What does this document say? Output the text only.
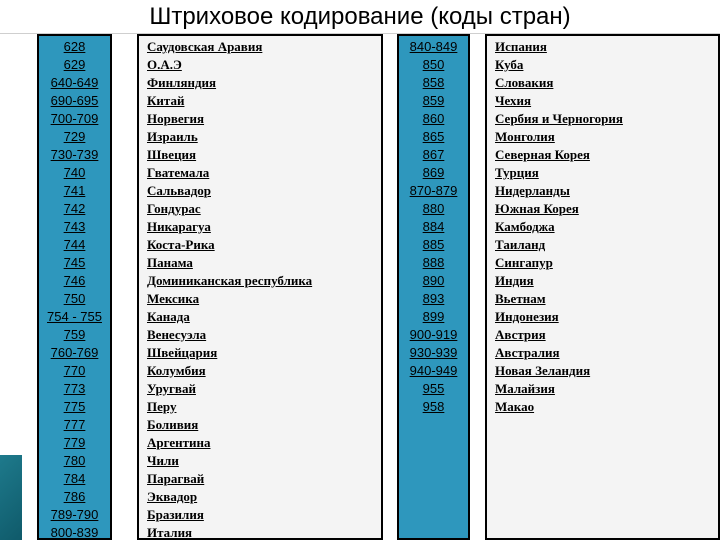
Штриховое кодирование (коды стран)
628
629
640-649
690-695
700-709
729
730-739
740
741
742
743
744
745
746
750
754 - 755
759
760-769
770
773
775
777
779
780
784
786
789-790
800-839
Саудовская Аравия
О.А.Э
Финляндия
Китай
Норвегия
Израиль
Швеция
Гватемала
Сальвадор
Гондурас
Никарагуа
Коста-Рика
Панама
Доминиканская республика
Мексика
Канада
Венесуэла
Швейцария
Колумбия
Уругвай
Перу
Боливия
Аргентина
Чили
Парагвай
Эквадор
Бразилия
Италия
840-849
850
858
859
860
865
867
869
870-879
880
884
885
888
890
893
899
900-919
930-939
940-949
955
958
Испания
Куба
Словакия
Чехия
Сербия и Черногория
Монголия
Северная Корея
Турция
Нидерланды
Южная Корея
Камбоджа
Таиланд
Сингапур
Индия
Вьетнам
Индонезия
Австрия
Австралия
Новая Зеландия
Малайзия
Макао
